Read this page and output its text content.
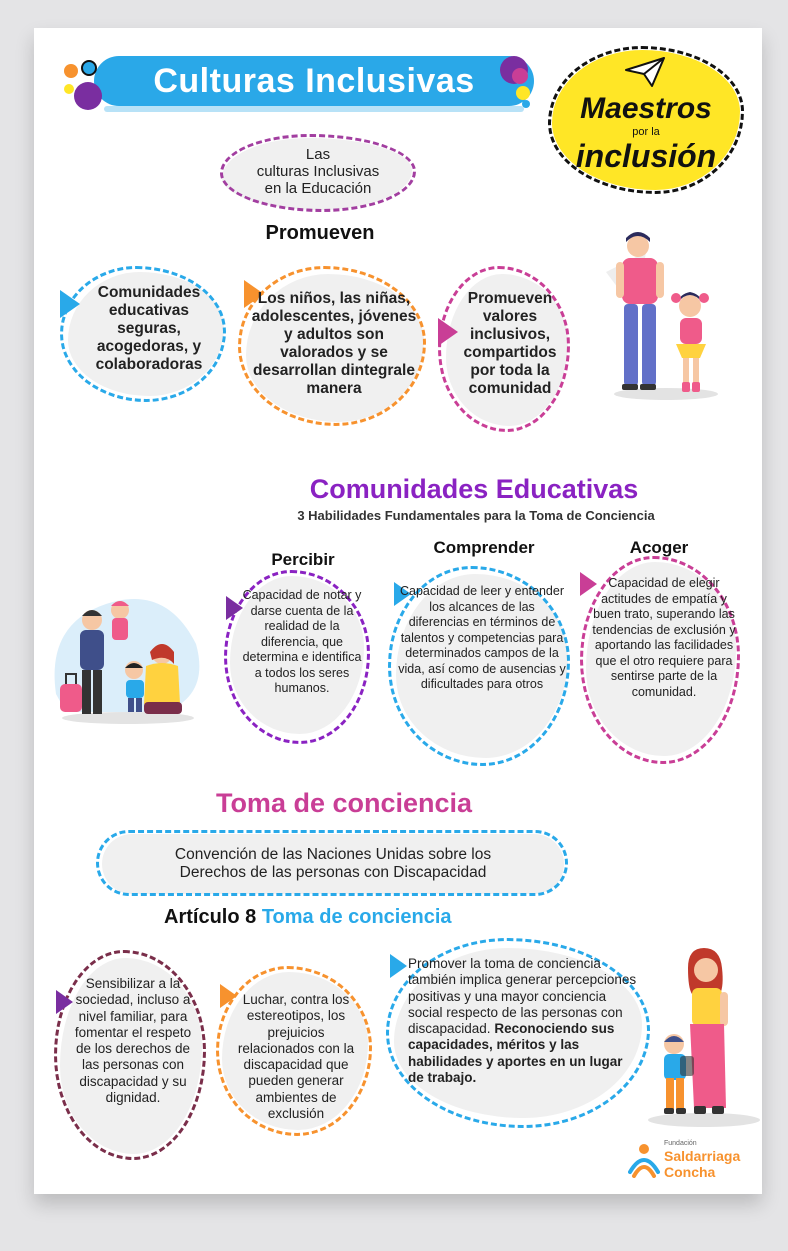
Culturas Inclusivas
Maestros
por la
inclusión
Las
culturas Inclusivas
en la Educación
Promueven
Comunidades educativas seguras, acogedoras, y colaboradoras
Los niños, las niñas, adolescentes, jóvenes y adultos son valorados y se desarrollan dintegrale manera
Promueven valores inclusivos, compartidos por toda la comunidad
Comunidades Educativas
3 Habilidades Fundamentales para la Toma de Conciencia
Percibir
Comprender	Acoger
Capacidad de notar y darse cuenta de la realidad de la diferencia, que determina e identifica a todos los seres humanos.
Capacidad de leer y entender los alcances de las diferencias en términos de talentos y competencias para determinados campos de la vida, así como de ausencias y dificultades para otros
Capacidad de elegir actitudes de empatía y buen trato, superando las tendencias de exclusión y aportando las facilidades que el otro requiere para sentirse parte de la comunidad.
Toma de conciencia
Convención de las Naciones Unidas sobre los Derechos de las personas con Discapacidad
Artículo 8 Toma de conciencia
Sensibilizar a la sociedad, incluso a nivel familiar, para fomentar el respeto de los derechos de las personas con discapacidad y su dignidad.
Luchar, contra los estereotipos, los prejuicios relacionados con la discapacidad que pueden generar ambientes de exclusión
Promover la toma de conciencia también implica generar percepciones positivas y una mayor conciencia social respecto de las personas con discapacidad. Reconociendo sus capacidades, méritos y las habilidades y aportes en un lugar de trabajo.
Fundación
Saldarriaga
Concha
